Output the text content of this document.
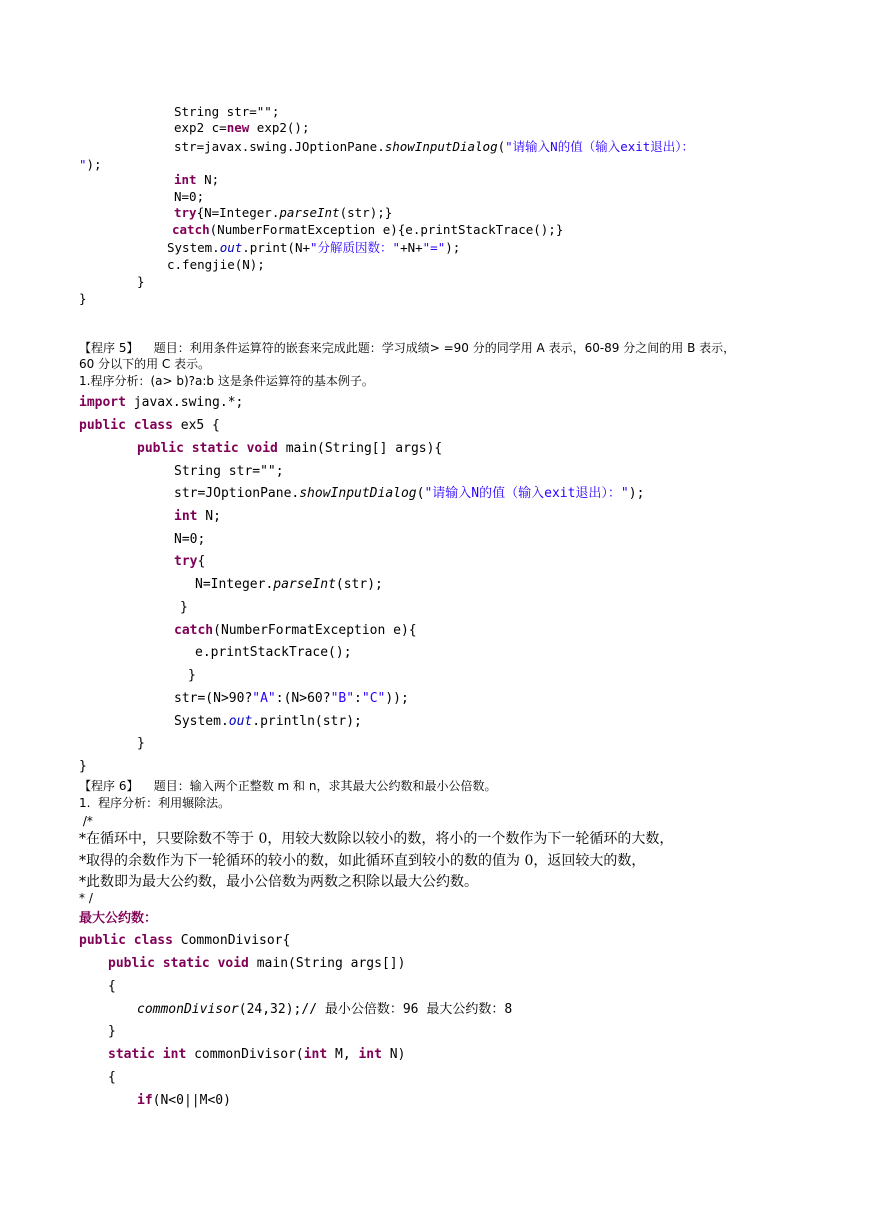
String str="";
exp2 c=new exp2();
str=javax.swing.JOptionPane.showInputDialog("请输入N的值（输入exit退出）：
");
int N;
N=0;
try{N=Integer.parseInt(str);}
catch(NumberFormatException e){e.printStackTrace();}
System.out.print(N+"分解质因数："+N+"=");
c.fengjie(N);
}
}
【程序 5】 题目：利用条件运算符的嵌套来完成此题：学习成绩> =90 分的同学用 A 表示，60-89 分之间的用 B 表示，
60 分以下的用 C 表示。
1.程序分析：(a> b)?a:b 这是条件运算符的基本例子。
import javax.swing.*;
public class ex5 {
public static void main(String[] args){
String str="";
str=JOptionPane.showInputDialog("请输入N的值（输入exit退出）：");
int N;
N=0;
try{
N=Integer.parseInt(str);
}
catch(NumberFormatException e){
e.printStackTrace();
}
str=(N>90?"A":(N>60?"B":"C"));
System.out.println(str);
}
}
【程序 6】 题目：输入两个正整数 m 和 n，求其最大公约数和最小公倍数。
1.  程序分析：利用辗除法。
/*
*在循环中，只要除数不等于 0，用较大数除以较小的数，将小的一个数作为下一轮循环的大数，
*取得的余数作为下一轮循环的较小的数，如此循环直到较小的数的值为 0，返回较大的数，
*此数即为最大公约数，最小公倍数为两数之积除以最大公约数。
* /
最大公约数：
public class CommonDivisor{
public static void main(String args[])
{
commonDivisor(24,32);// 最小公倍数：96 最大公约数：8
}
static int commonDivisor(int M, int N)
{
if(N<0||M<0)
